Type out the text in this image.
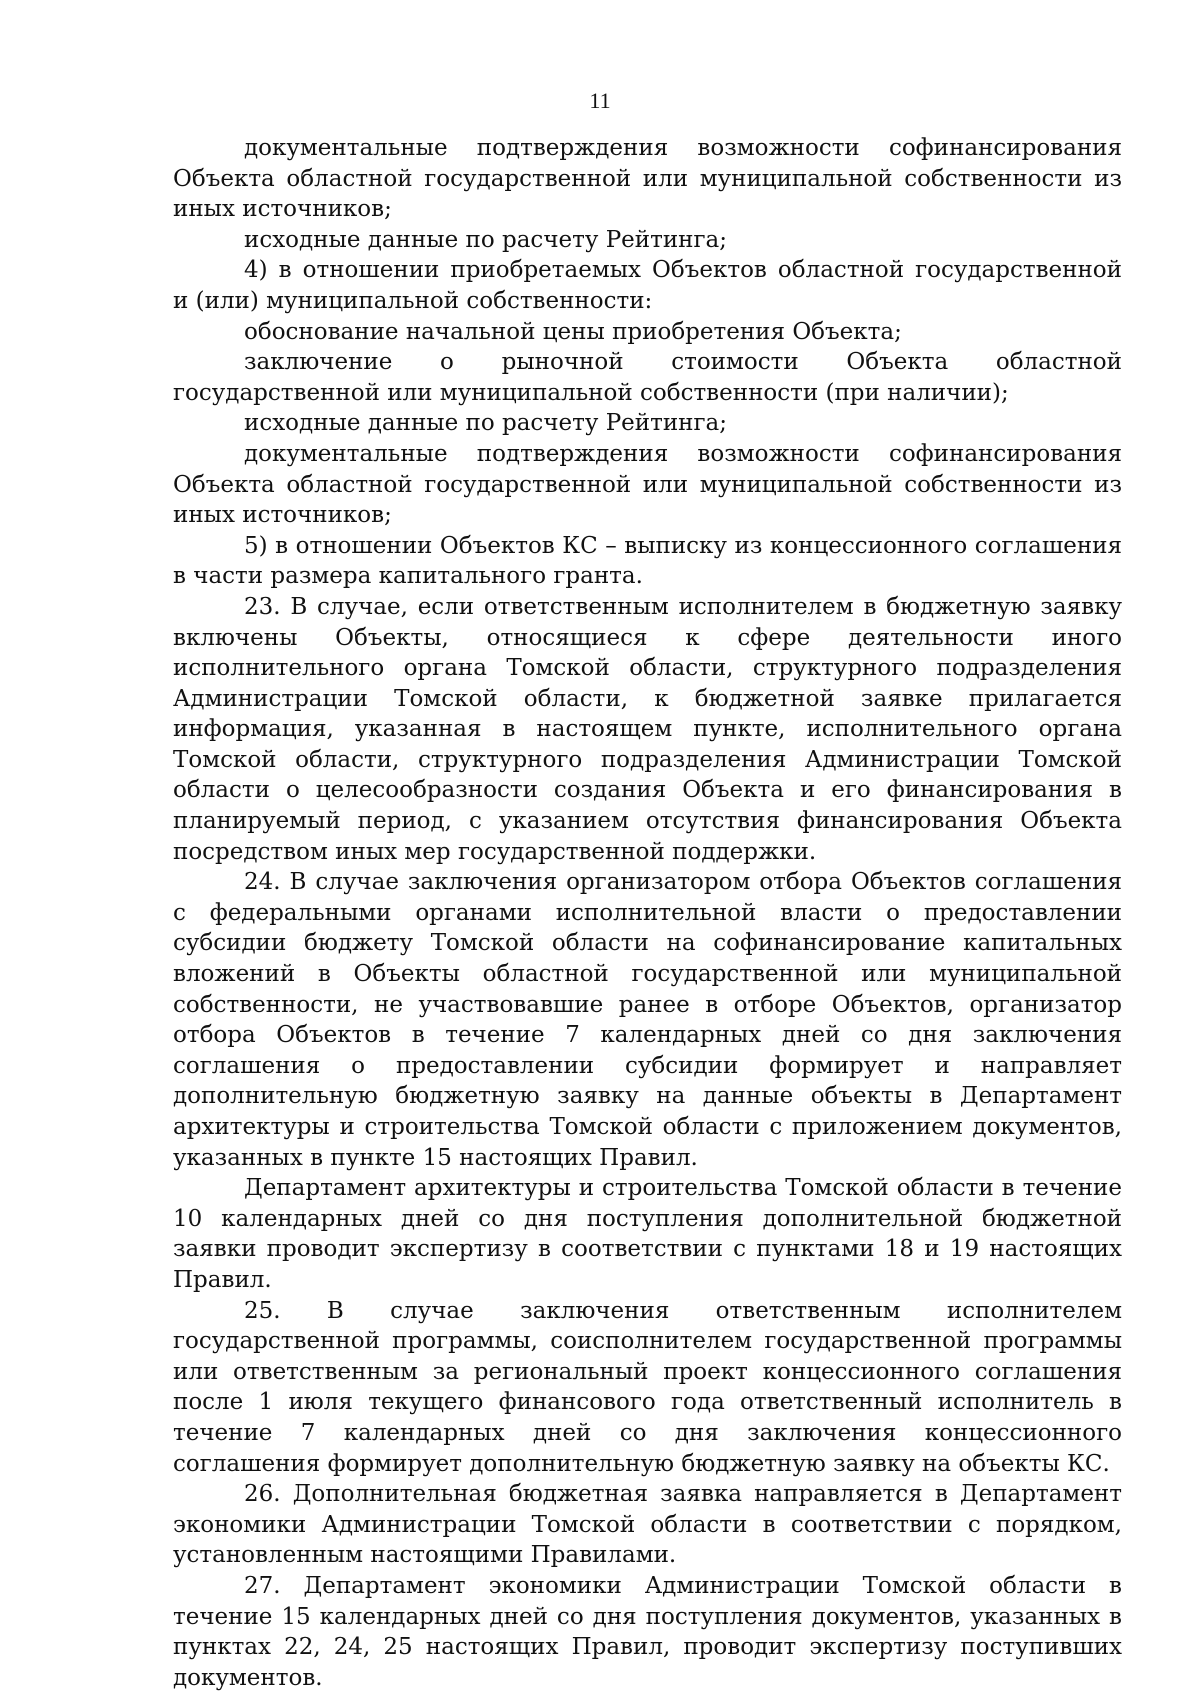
11

документальные подтверждения возможности софинансирования Объекта областной государственной или муниципальной собственности из иных источников;

исходные данные по расчету Рейтинга;

4) в отношении приобретаемых Объектов областной государственной и (или) муниципальной собственности:

обоснование начальной цены приобретения Объекта;

заключение о рыночной стоимости Объекта областной государственной или муниципальной собственности (при наличии);

исходные данные по расчету Рейтинга;

документальные подтверждения возможности софинансирования Объекта областной государственной или муниципальной собственности из иных источников;

5) в отношении Объектов КС – выписку из концессионного соглашения в части размера капитального гранта.

23. В случае, если ответственным исполнителем в бюджетную заявку включены Объекты, относящиеся к сфере деятельности иного исполнительного органа Томской области, структурного подразделения Администрации Томской области, к бюджетной заявке прилагается информация, указанная в настоящем пункте, исполнительного органа Томской области, структурного подразделения Администрации Томской области о целесообразности создания Объекта и его финансирования в планируемый период, с указанием отсутствия финансирования Объекта посредством иных мер государственной поддержки.

24. В случае заключения организатором отбора Объектов соглашения с федеральными органами исполнительной власти о предоставлении субсидии бюджету Томской области на софинансирование капитальных вложений в Объекты областной государственной или муниципальной собственности, не участвовавшие ранее в отборе Объектов, организатор отбора Объектов в течение 7 календарных дней со дня заключения соглашения о предоставлении субсидии формирует и направляет дополнительную бюджетную заявку на данные объекты в Департамент архитектуры и строительства Томской области с приложением документов, указанных в пункте 15 настоящих Правил.

Департамент архитектуры и строительства Томской области в течение 10 календарных дней со дня поступления дополнительной бюджетной заявки проводит экспертизу в соответствии с пунктами 18 и 19 настоящих Правил.

25. В случае заключения ответственным исполнителем государственной программы, соисполнителем государственной программы или ответственным за региональный проект концессионного соглашения после 1 июля текущего финансового года ответственный исполнитель в течение 7 календарных дней со дня заключения концессионного соглашения формирует дополнительную бюджетную заявку на объекты КС.

26. Дополнительная бюджетная заявка направляется в Департамент экономики Администрации Томской области в соответствии с порядком, установленным настоящими Правилами.

27. Департамент экономики Администрации Томской области в течение 15 календарных дней со дня поступления документов, указанных в пунктах 22, 24, 25 настоящих Правил, проводит экспертизу поступивших документов.
